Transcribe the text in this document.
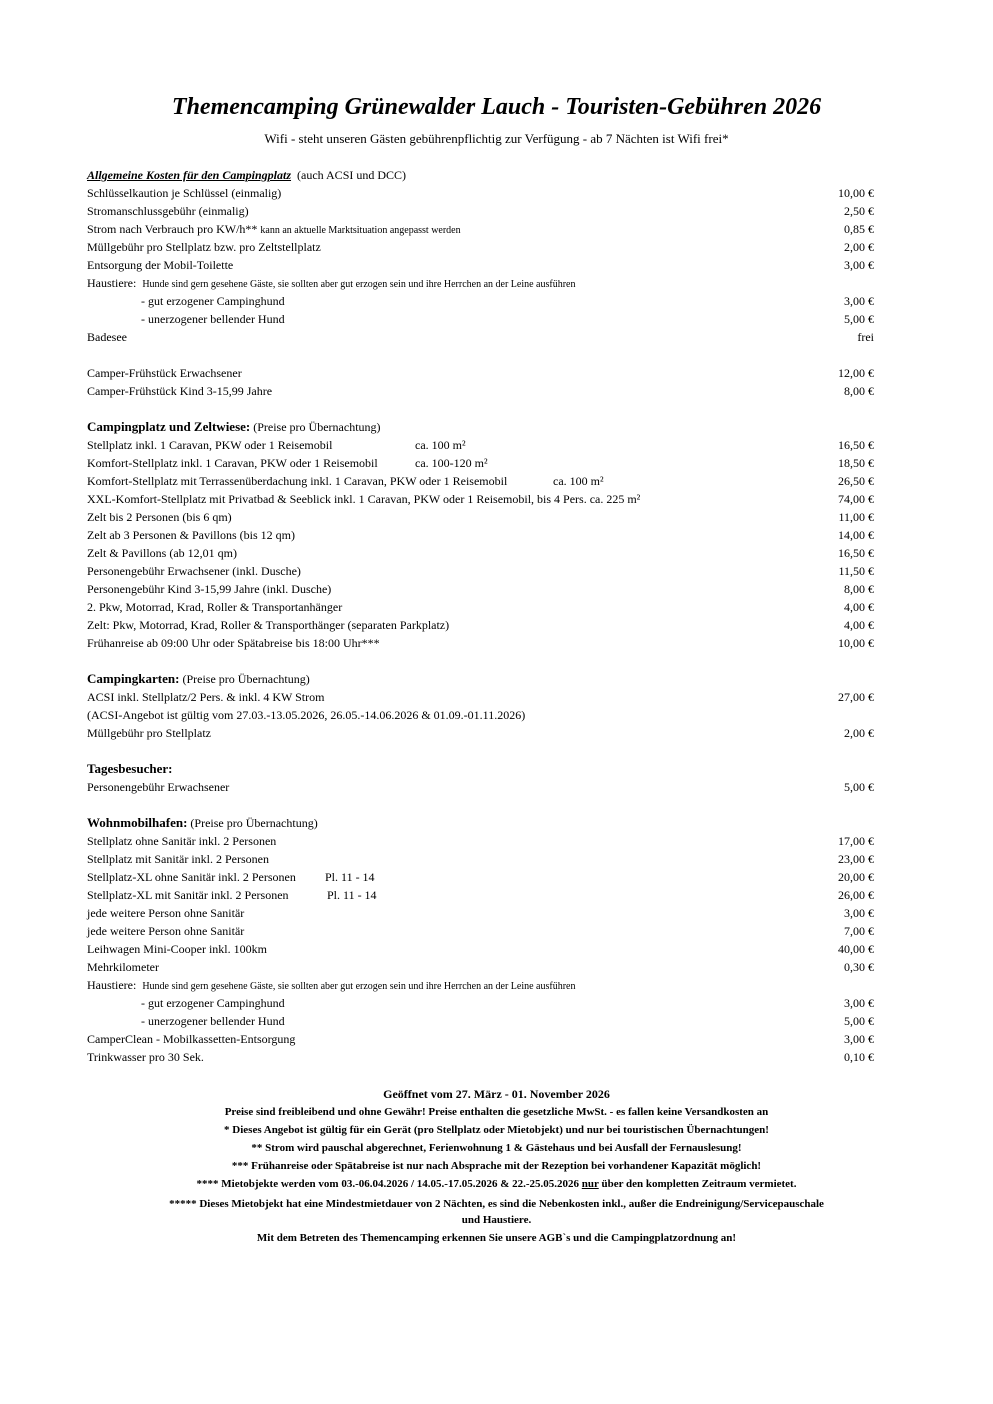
Themencamping Grünewalder Lauch - Touristen-Gebühren 2026
Wifi - steht unseren Gästen gebührenpflichtig zur Verfügung - ab 7 Nächten ist Wifi frei*
Allgemeine Kosten für den Campingplatz (auch ACSI und DCC)
Schlüsselkaution je Schlüssel (einmalig)	10,00 €
Stromanschlussgebühr (einmalig)	2,50 €
Strom nach Verbrauch pro KW/h** kann an aktuelle Marktsituation angepasst werden	0,85 €
Müllgebühr pro Stellplatz bzw. pro Zeltstellplatz	2,00 €
Entsorgung der Mobil-Toilette	3,00 €
Haustiere: Hunde sind gern gesehene Gäste, sie sollten aber gut erzogen sein und ihre Herrchen an der Leine ausführen
- gut erzogener Campinghund	3,00 €
- unerzogener bellender Hund	5,00 €
Badesee	frei
Camper-Frühstück Erwachsener	12,00 €
Camper-Frühstück Kind 3-15,99 Jahre	8,00 €
Campingplatz und Zeltwiese: (Preise pro Übernachtung)
Stellplatz inkl. 1 Caravan, PKW oder 1 Reisemobil	ca. 100 m²	16,50 €
Komfort-Stellplatz inkl. 1 Caravan, PKW oder 1 Reisemobil	ca. 100-120 m²	18,50 €
Komfort-Stellplatz mit Terrassenüberdachung inkl. 1 Caravan, PKW oder 1 Reisemobil	ca. 100 m²	26,50 €
XXL-Komfort-Stellplatz mit Privatbad & Seeblick inkl. 1 Caravan, PKW oder 1 Reisemobil, bis 4 Pers. ca. 225 m²	74,00 €
Zelt bis 2 Personen (bis 6 qm)	11,00 €
Zelt ab 3 Personen & Pavillons (bis 12 qm)	14,00 €
Zelt & Pavillons (ab 12,01 qm)	16,50 €
Personengebühr Erwachsener (inkl. Dusche)	11,50 €
Personengebühr Kind 3-15,99 Jahre (inkl. Dusche)	8,00 €
2. Pkw, Motorrad, Krad, Roller & Transportanhänger	4,00 €
Zelt: Pkw, Motorrad, Krad, Roller & Transporthänger (separaten Parkplatz)	4,00 €
Frühanreise ab 09:00 Uhr oder Spätabreise bis 18:00 Uhr***	10,00 €
Campingkarten: (Preise pro Übernachtung)
ACSI inkl. Stellplatz/2 Pers. & inkl. 4 KW Strom	27,00 €
(ACSI-Angebot ist gültig vom 27.03.-13.05.2026, 26.05.-14.06.2026 & 01.09.-01.11.2026)
Müllgebühr pro Stellplatz	2,00 €
Tagesbesucher:
Personengebühr Erwachsener	5,00 €
Wohnmobilhafen: (Preise pro Übernachtung)
Stellplatz ohne Sanitär inkl. 2 Personen	17,00 €
Stellplatz mit Sanitär inkl. 2 Personen	23,00 €
Stellplatz-XL ohne Sanitär inkl. 2 Personen Pl. 11 - 14	20,00 €
Stellplatz-XL mit Sanitär inkl. 2 Personen	Pl. 11 - 14	26,00 €
jede weitere Person ohne Sanitär	3,00 €
jede weitere Person ohne Sanitär	7,00 €
Leihwagen Mini-Cooper inkl. 100km	40,00 €
Mehrkilometer	0,30 €
Haustiere: Hunde sind gern gesehene Gäste, sie sollten aber gut erzogen sein und ihre Herrchen an der Leine ausführen
- gut erzogener Campinghund	3,00 €
- unerzogener bellender Hund	5,00 €
CamperClean - Mobilkassetten-Entsorgung	3,00 €
Trinkwasser pro 30 Sek.	0,10 €
Geöffnet vom 27. März - 01. November 2026
Preise sind freibleibend und ohne Gewähr! Preise enthalten die gesetzliche MwSt. - es fallen keine Versandkosten an
* Dieses Angebot ist gültig für ein Gerät (pro Stellplatz oder Mietobjekt) und nur bei touristischen Übernachtungen!
** Strom wird pauschal abgerechnet, Ferienwohnung 1 & Gästehaus und bei Ausfall der Fernauslesung!
*** Frühanreise oder Spätabreise ist nur nach Absprache mit der Rezeption bei vorhandener Kapazität möglich!
**** Mietobjekte werden vom 03.-06.04.2026 / 14.05.-17.05.2026 & 22.-25.05.2026 nur über den kompletten Zeitraum vermietet.
***** Dieses Mietobjekt hat eine Mindestmietdauer von 2 Nächten, es sind die Nebenkosten inkl., außer die Endreinigung/Servicepauschale
und Haustiere.
Mit dem Betreten des Themencamping erkennen Sie unsere AGB`s und die Campingplatzordnung an!
